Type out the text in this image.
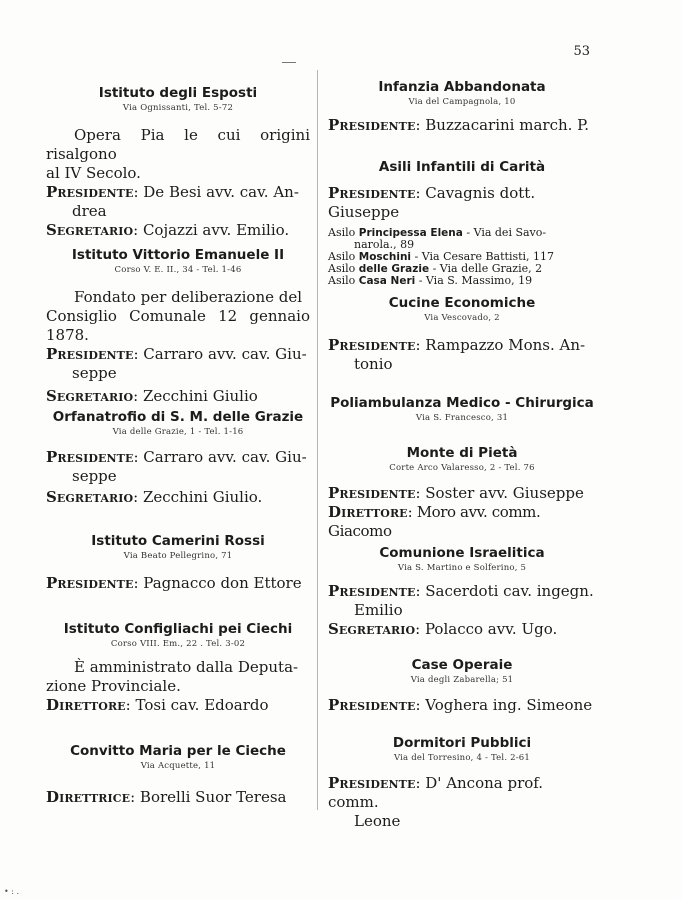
53
Istituto degli Esposti
Via Ognissanti, Tel. 5-72
Opera Pia le cui origini risalgono
al IV Secolo.
Presidente: De Besi avv. cav. An-
drea
Segretario: Cojazzi avv. Emilio.
Istituto Vittorio Emanuele II
Corso V. E. II., 34 - Tel. 1-46
Fondato per deliberazione del
Consiglio Comunale 12 gennaio 1878.
Presidente: Carraro avv. cav. Giu-
seppe
Segretario: Zecchini Giulio
Orfanatrofio di S. M. delle Grazie
Via delle Grazie, 1 - Tel. 1-16
Presidente: Carraro avv. cav. Giu-
seppe
Segretario: Zecchini Giulio.
Istituto Camerini Rossi
Via Beato Pellegrino, 71
Presidente: Pagnacco don Ettore
Istituto Configliachi pei Ciechi
Corso VIII. Em., 22 . Tel. 3-02
È amministrato dalla Deputa-
zione Provinciale.
Direttore: Tosi cav. Edoardo
Convitto Maria per le Cieche
Via Acquette, 11
Direttrice: Borelli Suor Teresa
Infanzia Abbandonata
Via del Campagnola, 10
Presidente: Buzzacarini march. P.
Asili Infantili di Carità
Presidente: Cavagnis dott. Giuseppe
Asilo Principessa Elena - Via dei Savo-
narola., 89
Asilo Moschini - Via Cesare Battisti, 117
Asilo delle Grazie - Via delle Grazie, 2
Asilo Casa Neri - Via S. Massimo, 19
Cucine Economiche
Via Vescovado, 2
Presidente: Rampazzo Mons. An-
tonio
Poliambulanza Medico - Chirurgica
Via S. Francesco, 31
Monte di Pietà
Corte Arco Valaresso, 2 - Tel. 76
Presidente: Soster avv. Giuseppe
Direttore: Moro avv. comm. Giacomo
Comunione Israelitica
Via S. Martino e Solferino, 5
Presidente: Sacerdoti cav. ingegn.
Emilio
Segretario: Polacco avv. Ugo.
Case Operaie
Via degli Zabarella; 51
Presidente: Voghera ing. Simeone
Dormitori Pubblici
Via del Torresino, 4 - Tel. 2-61
Presidente: D' Ancona prof. comm.
Leone
• : .
